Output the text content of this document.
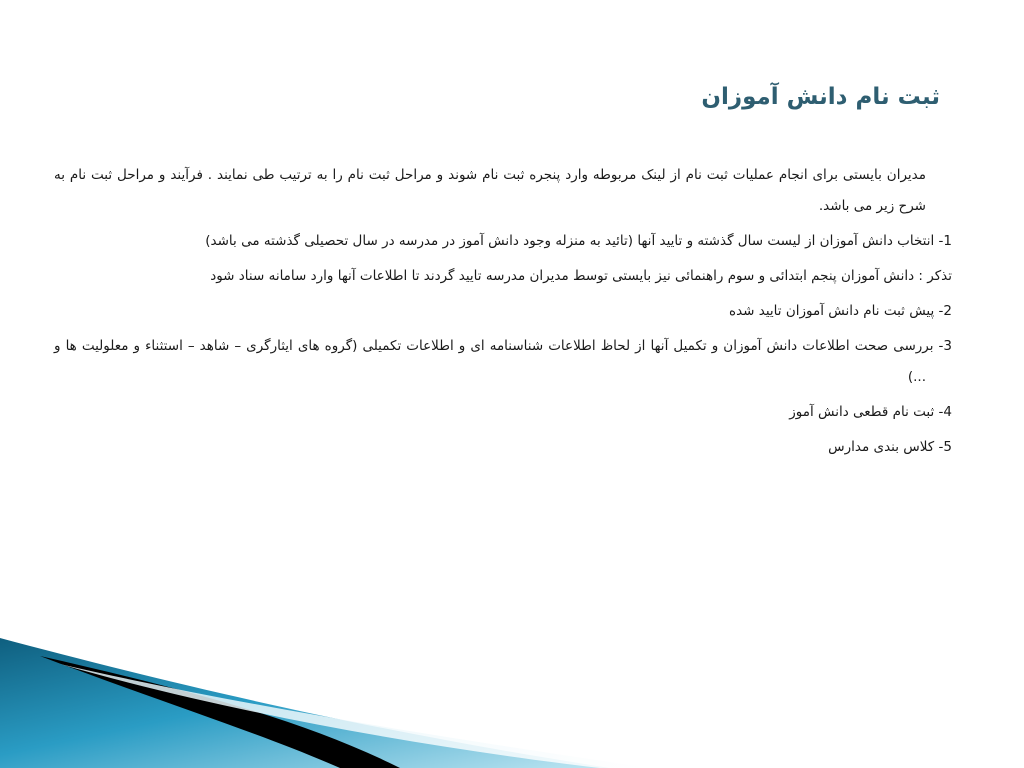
ثبت نام دانش آموزان

مدیران بایستی برای انجام عملیات ثبت نام از لینک مربوطه وارد پنجره ثبت نام شوند و مراحل ثبت نام را به ترتیب طی نمایند . فرآیند و مراحل ثبت نام به شرح زیر می باشد.

1- انتخاب دانش آموزان از لیست سال گذشته و تایید آنها (تائید به منزله وجود دانش آموز در مدرسه در سال تحصیلی گذشته می باشد)

تذکر : دانش آموزان پنجم ابتدائی و سوم راهنمائی نیز بایستی توسط مدیران مدرسه تایید گردند تا اطلاعات آنها وارد سامانه سناد شود

2- پیش ثبت نام دانش آموزان تایید شده

3- بررسی صحت اطلاعات دانش آموزان و تکمیل آنها از لحاظ اطلاعات شناسنامه ای و اطلاعات تکمیلی (گروه های ایثارگری – شاهد – استثناء و معلولیت ها و ...)

4- ثبت نام قطعی دانش آموز

5- کلاس بندی مدارس
